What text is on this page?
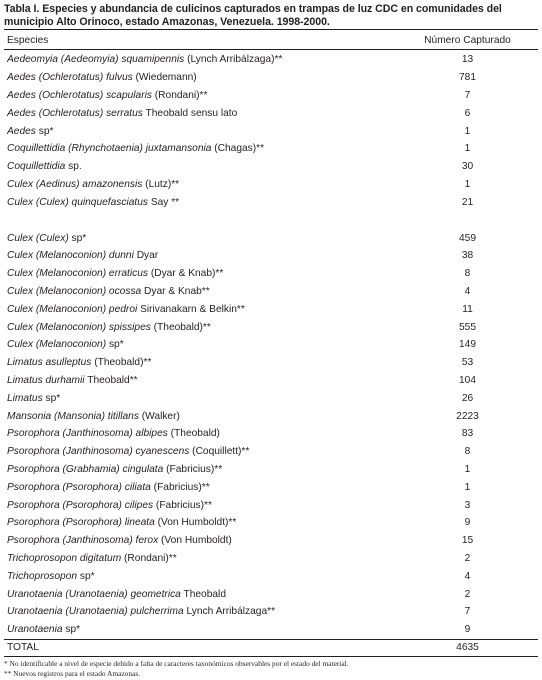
Tabla I. Especies y abundancia de culicinos capturados en trampas de luz CDC en comunidades del
municipio Alto Orinoco, estado Amazonas, Venezuela. 1998-2000.
Especies	Número Capturado
Aedeomyia (Aedeomyia) squamipennis (Lynch Arribálzaga)**	13
Aedes (Ochlerotatus) fulvus (Wiedemann)	781
Aedes (Ochlerotatus) scapularis (Rondani)**	7
Aedes (Ochlerotatus) serratus Theobald sensu lato	6
Aedes sp*	1
Coquillettidia (Rhynchotaenia) juxtamansonia (Chagas)**	1
Coquillettidia sp.	30
Culex (Aedinus) amazonensis (Lutz)**	1
Culex (Culex) quinquefasciatus Say **	21
Culex (Culex) sp*	459
Culex (Melanoconion) dunni Dyar	38
Culex (Melanoconion) erraticus (Dyar & Knab)**	8
Culex (Melanoconion) ocossa Dyar & Knab**	4
Culex (Melanoconion) pedroi Sirivanakarn & Belkin**	11
Culex (Melanoconion) spissipes (Theobald)**	555
Culex (Melanoconion) sp*	149
Limatus asulleptus (Theobald)**	53
Limatus durhamii Theobald**	104
Limatus sp*	26
Mansonia (Mansonia) titillans (Walker)	2223
Psorophora (Janthinosoma) albipes (Theobald)	83
Psorophora (Janthinosoma) cyanescens (Coquillett)**	8
Psorophora (Grabhamia) cingulata (Fabricius)**	1
Psorophora (Psorophora) ciliata (Fabricius)**	1
Psorophora (Psorophora) cilipes (Fabricius)**	3
Psorophora (Psorophora) lineata (Von Humboldt)**	9
Psorophora (Janthinosoma) ferox (Von Humboldt)	15
Trichoprosopon digitatum (Rondani)**	2
Trichoprosopon sp*	4
Uranotaenia (Uranotaenia) geometrica Theobald	2
Uranotaenia (Uranotaenia) pulcherrima Lynch Arribálzaga**	7
Uranotaenia sp*	9
TOTAL	4635
* No identificable a nivel de especie debido a falta de caracteres taxonómicos observables por el estado del material.
** Nuevos registros para el estado Amazonas.
